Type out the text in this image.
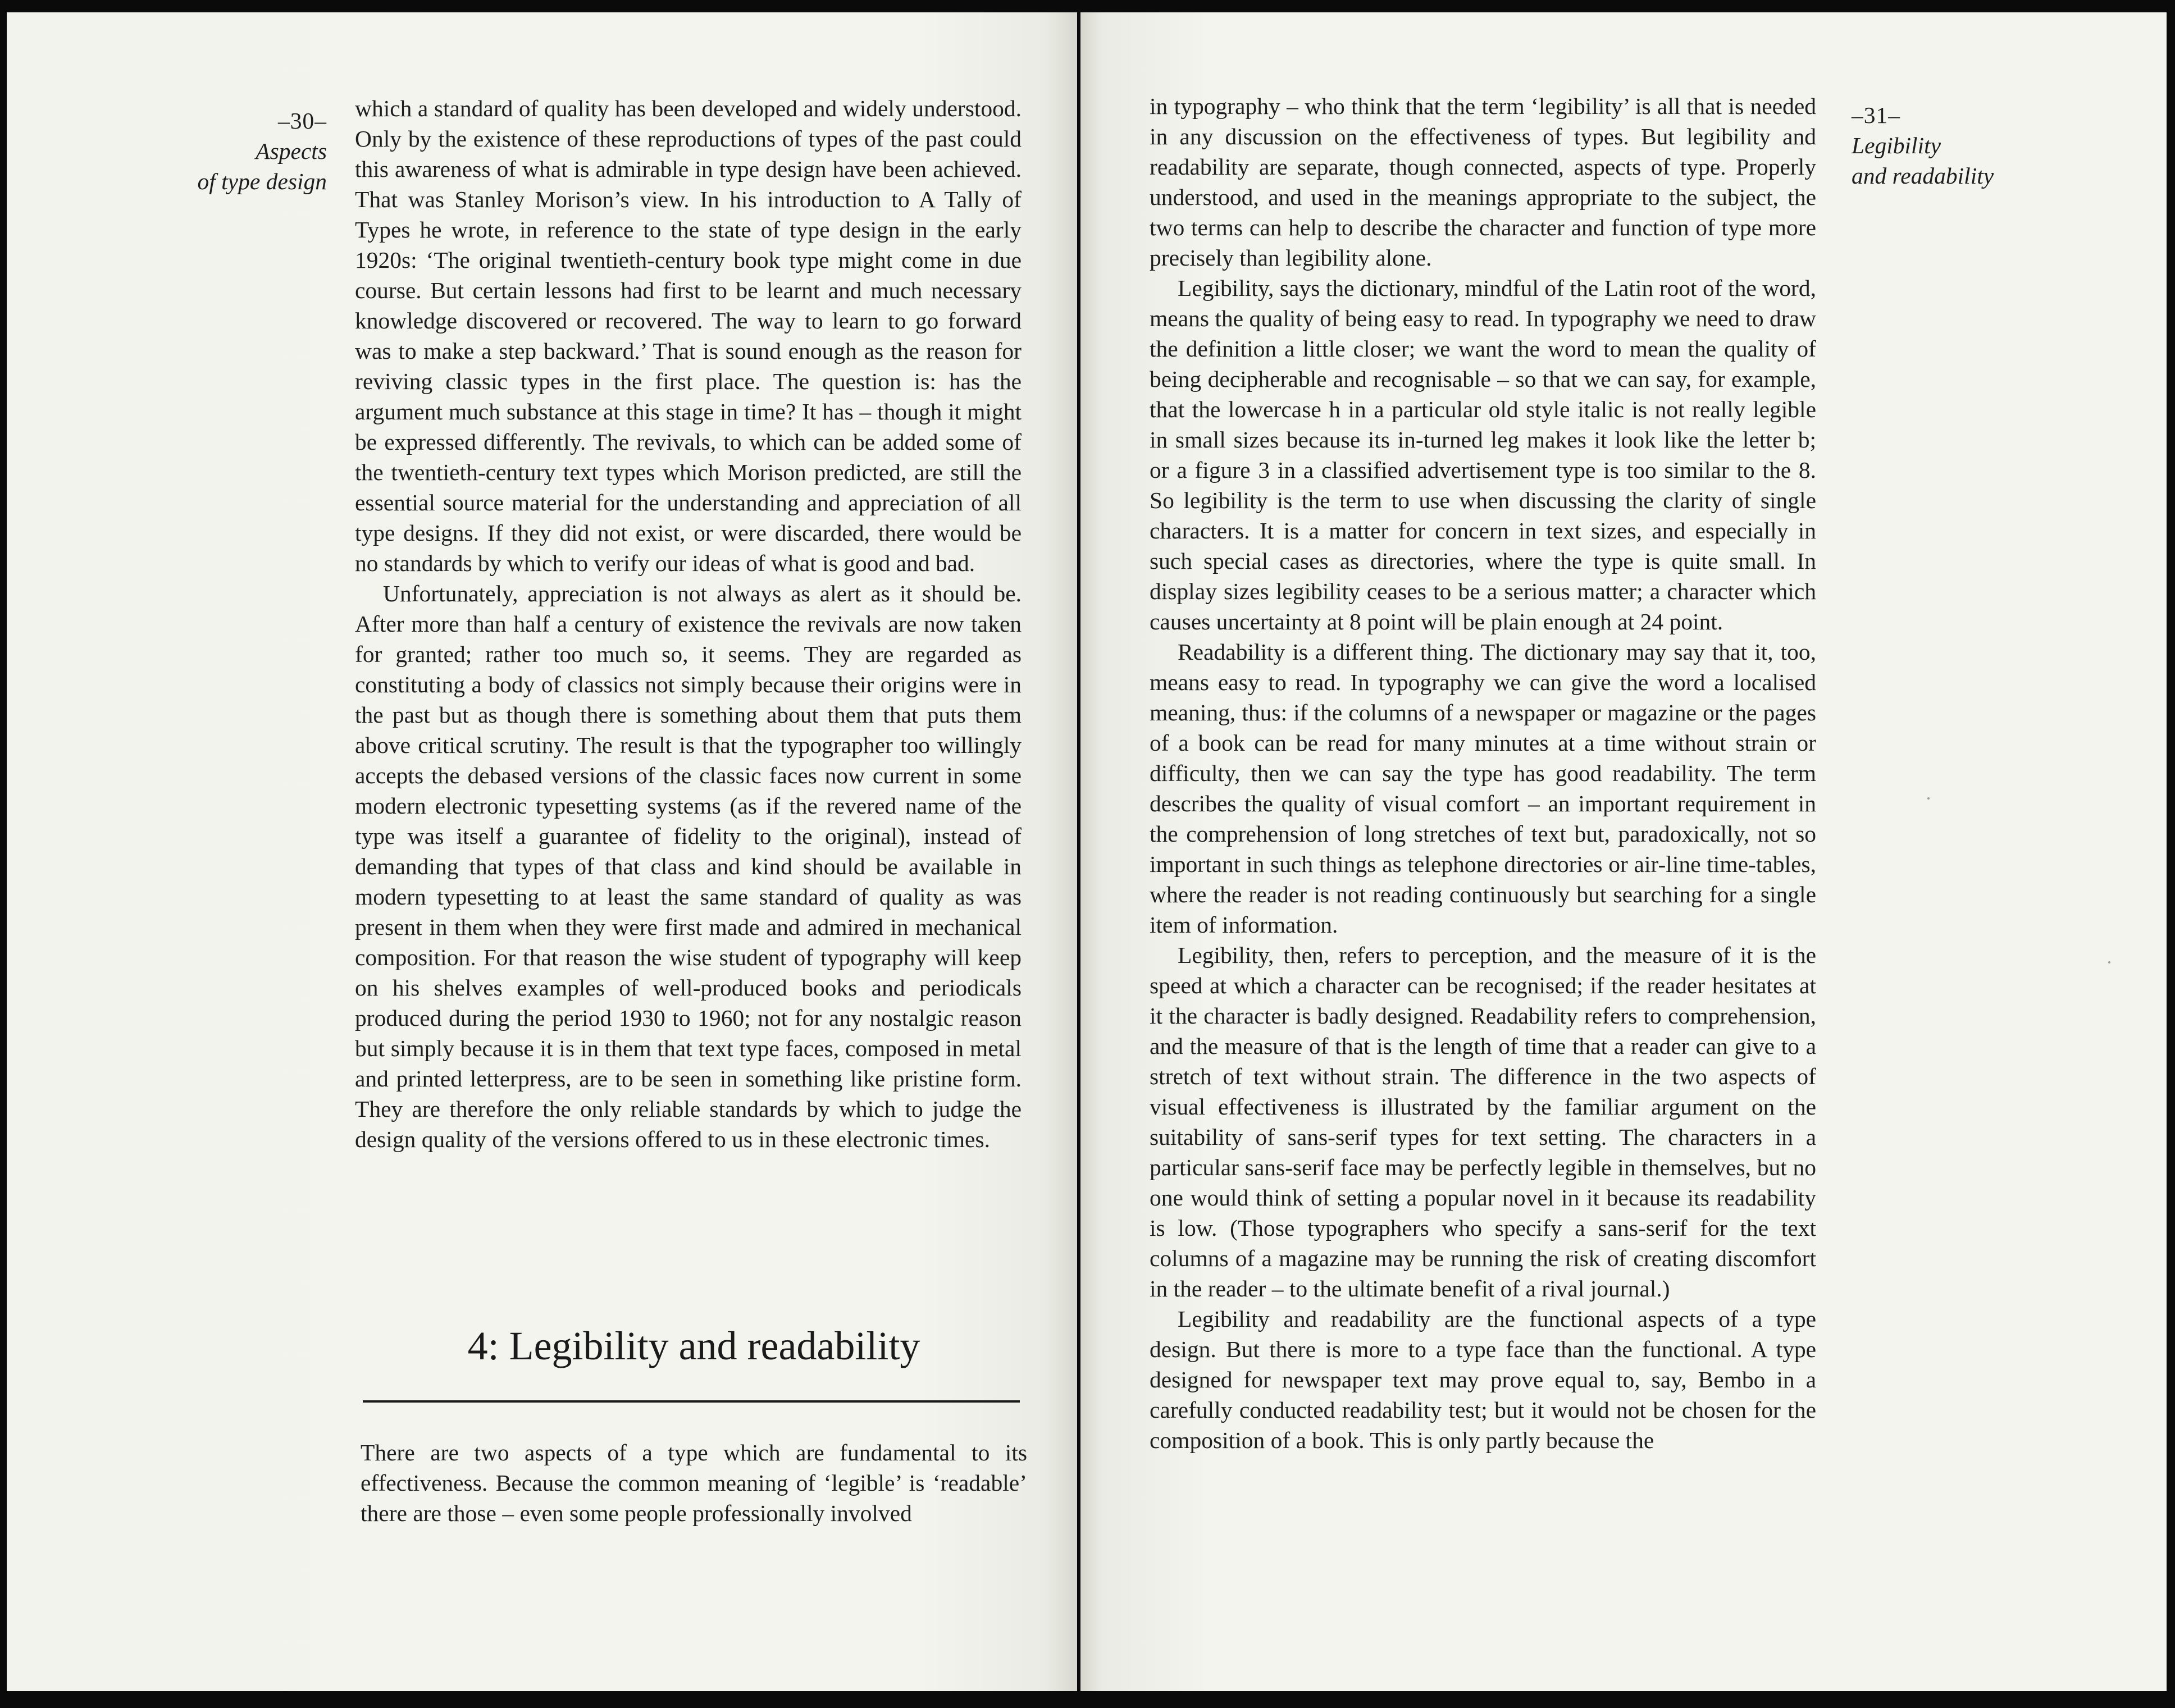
–30–
Aspects
of type design

which a standard of quality has been developed and widely understood. Only by the existence of these reproductions of types of the past could this awareness of what is admirable in type design have been achieved. That was Stanley Morison’s view. In his introduction to A Tally of Types he wrote, in reference to the state of type design in the early 1920s: ‘The original twentieth-century book type might come in due course. But certain lessons had first to be learnt and much necessary knowledge discovered or recovered. The way to learn to go forward was to make a step backward.’ That is sound enough as the reason for reviving classic types in the first place. The question is: has the argument much substance at this stage in time? It has – though it might be expressed differently. The revivals, to which can be added some of the twentieth-century text types which Morison predicted, are still the essential source material for the understanding and appreciation of all type designs. If they did not exist, or were discarded, there would be no standards by which to verify our ideas of what is good and bad.

Unfortunately, appreciation is not always as alert as it should be. After more than half a century of existence the revivals are now taken for granted; rather too much so, it seems. They are regarded as constituting a body of classics not simply because their origins were in the past but as though there is something about them that puts them above critical scrutiny. The result is that the typographer too willingly accepts the debased versions of the classic faces now current in some modern electronic typesetting systems (as if the revered name of the type was itself a guarantee of fidelity to the original), instead of demanding that types of that class and kind should be available in modern typesetting to at least the same standard of quality as was present in them when they were first made and admired in mechanical composition. For that reason the wise student of typography will keep on his shelves examples of well-produced books and periodicals produced during the period 1930 to 1960; not for any nostalgic reason but simply because it is in them that text type faces, composed in metal and printed letterpress, are to be seen in something like pristine form. They are therefore the only reliable standards by which to judge the design quality of the versions offered to us in these electronic times.

4: Legibility and readability

There are two aspects of a type which are fundamental to its effectiveness. Because the common meaning of ‘legible’ is ‘readable’ there are those – even some people professionally involved

in typography – who think that the term ‘legibility’ is all that is needed in any discussion on the effectiveness of types. But legibility and readability are separate, though connected, aspects of type. Properly understood, and used in the meanings appropriate to the subject, the two terms can help to describe the character and function of type more precisely than legibility alone.

Legibility, says the dictionary, mindful of the Latin root of the word, means the quality of being easy to read. In typography we need to draw the definition a little closer; we want the word to mean the quality of being decipherable and recognisable – so that we can say, for example, that the lowercase h in a particular old style italic is not really legible in small sizes because its in-turned leg makes it look like the letter b; or a figure 3 in a classified advertisement type is too similar to the 8. So legibility is the term to use when discussing the clarity of single characters. It is a matter for concern in text sizes, and especially in such special cases as directories, where the type is quite small. In display sizes legibility ceases to be a serious matter; a character which causes uncertainty at 8 point will be plain enough at 24 point.

Readability is a different thing. The dictionary may say that it, too, means easy to read. In typography we can give the word a localised meaning, thus: if the columns of a newspaper or magazine or the pages of a book can be read for many minutes at a time without strain or difficulty, then we can say the type has good readability. The term describes the quality of visual comfort – an important requirement in the comprehension of long stretches of text but, paradoxically, not so important in such things as telephone directories or air-line time-tables, where the reader is not reading continuously but searching for a single item of information.

Legibility, then, refers to perception, and the measure of it is the speed at which a character can be recognised; if the reader hesitates at it the character is badly designed. Readability refers to comprehension, and the measure of that is the length of time that a reader can give to a stretch of text without strain. The difference in the two aspects of visual effectiveness is illustrated by the familiar argument on the suitability of sans-serif types for text setting. The characters in a particular sans-serif face may be perfectly legible in themselves, but no one would think of setting a popular novel in it because its readability is low. (Those typographers who specify a sans-serif for the text columns of a magazine may be running the risk of creating discomfort in the reader – to the ultimate benefit of a rival journal.)

Legibility and readability are the functional aspects of a type design. But there is more to a type face than the functional. A type designed for newspaper text may prove equal to, say, Bembo in a carefully conducted readability test; but it would not be chosen for the composition of a book. This is only partly because the

–31–
Legibility
and readability
